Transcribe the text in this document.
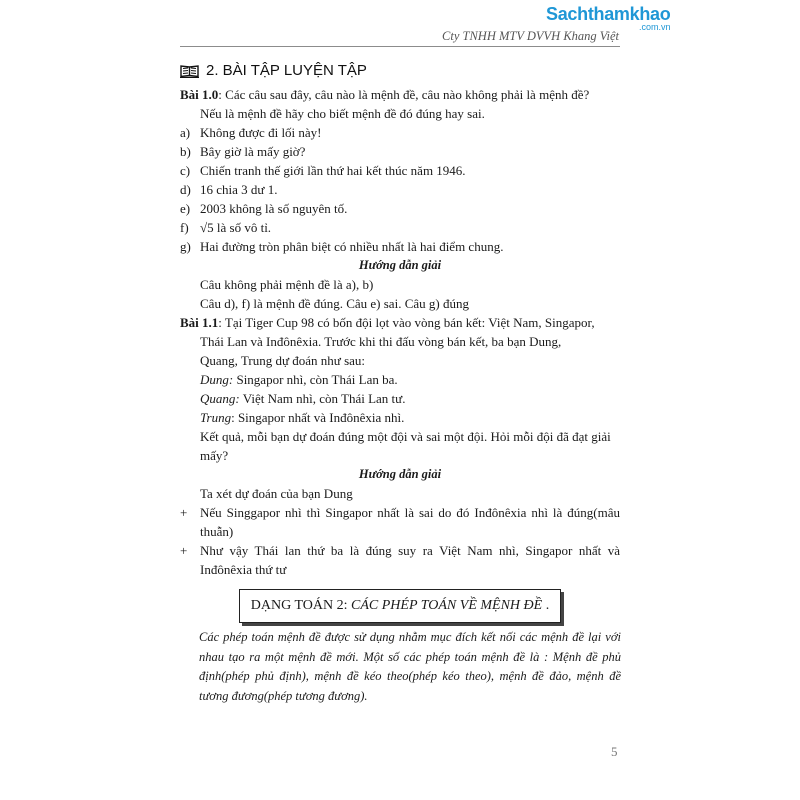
Sachthamkhao
.com.vn
Cty TNHH MTV DVVH Khang Việt
2. BÀI TẬP LUYỆN TẬP

Bài 1.0: Các câu sau đây, câu nào là mệnh đề, câu nào không phải là mệnh đề?

Nếu là mệnh đề hãy cho biết mệnh đề đó đúng hay sai.

a) Không được đi lối này!
b) Bây giờ là mấy giờ?
c) Chiến tranh thế giới lần thứ hai kết thúc năm 1946.
d) 16 chia 3 dư 1.
e) 2003 không là số nguyên tố.
f) √5 là số vô tỉ.
g) Hai đường tròn phân biệt có nhiều nhất là hai điểm chung.

Hướng dẫn giải

Câu không phải mệnh đề là a), b)

Câu d), f) là mệnh đề đúng. Câu e) sai. Câu g) đúng

Bài 1.1: Tại Tiger Cup 98 có bốn đội lọt vào vòng bán kết: Việt Nam, Singapor,

Thái Lan và Inđônêxia. Trước khi thi đấu vòng bán kết, ba bạn Dung,

Quang, Trung dự đoán như sau:

Dung: Singapor nhì, còn Thái Lan ba.

Quang: Việt Nam nhì, còn Thái Lan tư.

Trung: Singapor nhất và Inđônêxia nhì.

Kết quả, mỗi bạn dự đoán đúng một đội và sai một đội. Hỏi mỗi đội đã đạt giải mấy?

Hướng dẫn giải

Ta xét dự đoán của bạn Dung

+ Nếu Singgapor nhì thì Singapor nhất là sai do đó Inđônêxia nhì là đúng(mâu thuẫn)
+ Như vậy Thái lan thứ ba là đúng suy ra Việt Nam nhì, Singapor nhất và Inđônêxia thứ tư
DẠNG TOÁN 2: CÁC PHÉP TOÁN VỀ MỆNH ĐỀ .
Các phép toán mệnh đề được sử dụng nhằm mục đích kết nối các mệnh đề lại với nhau tạo ra một mệnh đề mới. Một số các phép toán mệnh đề là : Mệnh đề phủ định(phép phủ định), mệnh đề kéo theo(phép kéo theo), mệnh đề đảo, mệnh đề tương đương(phép tương đương).
5
